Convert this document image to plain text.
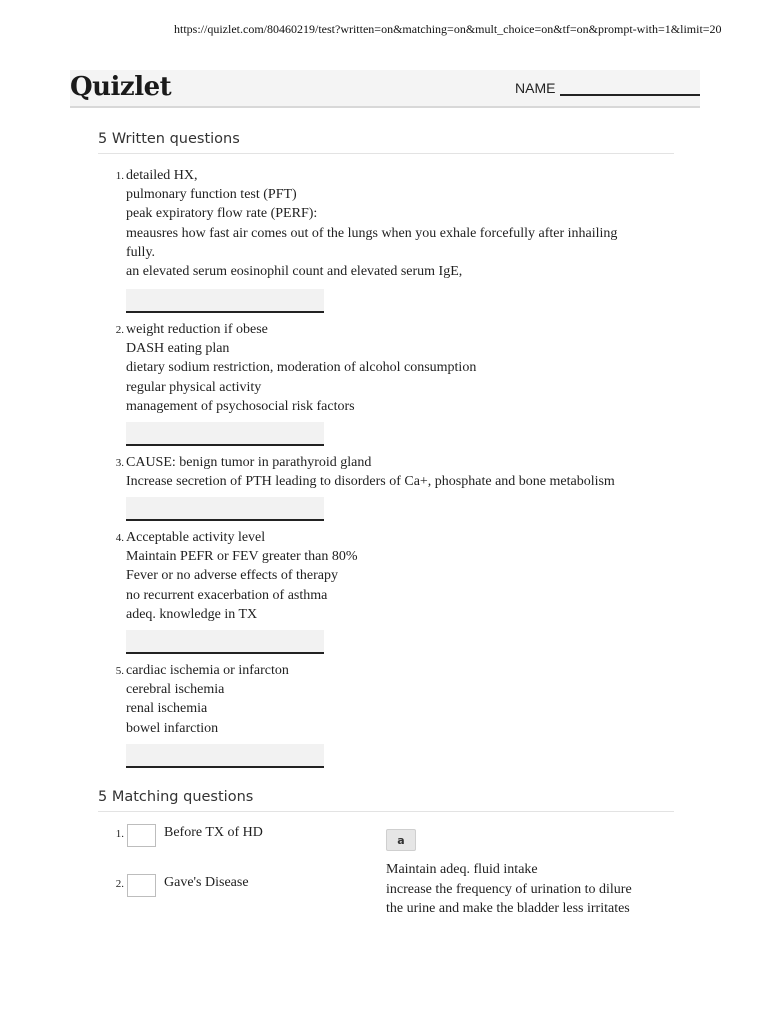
https://quizlet.com/80460219/test?written=on&matching=on&mult_choice=on&tf=on&prompt-with=1&limit=20
Quizlet	NAME
5 Written questions
1. detailed HX,
pulmonary function test (PFT)
peak expiratory flow rate (PERF):
meausres how fast air comes out of the lungs when you exhale forcefully after inhailing
fully.
an elevated serum eosinophil count and elevated serum IgE,
2. weight reduction if obese
DASH eating plan
dietary sodium restriction, moderation of alcohol consumption
regular physical activity
management of psychosocial risk factors
3. CAUSE: benign tumor in parathyroid gland
Increase secretion of PTH leading to disorders of Ca+, phosphate and bone metabolism
4. Acceptable activity level
Maintain PEFR or FEV greater than 80%
Fever or no adverse effects of therapy
no recurrent exacerbation of asthma
adeq. knowledge in TX
5. cardiac ischemia or infarcton
cerebral ischemia
renal ischemia
bowel infarction
5 Matching questions
1.	Before TX of HD
2.	Gave's Disease
a
Maintain adeq. fluid intake
increase the frequency of urination to dilure
the urine and make the bladder less irritates
